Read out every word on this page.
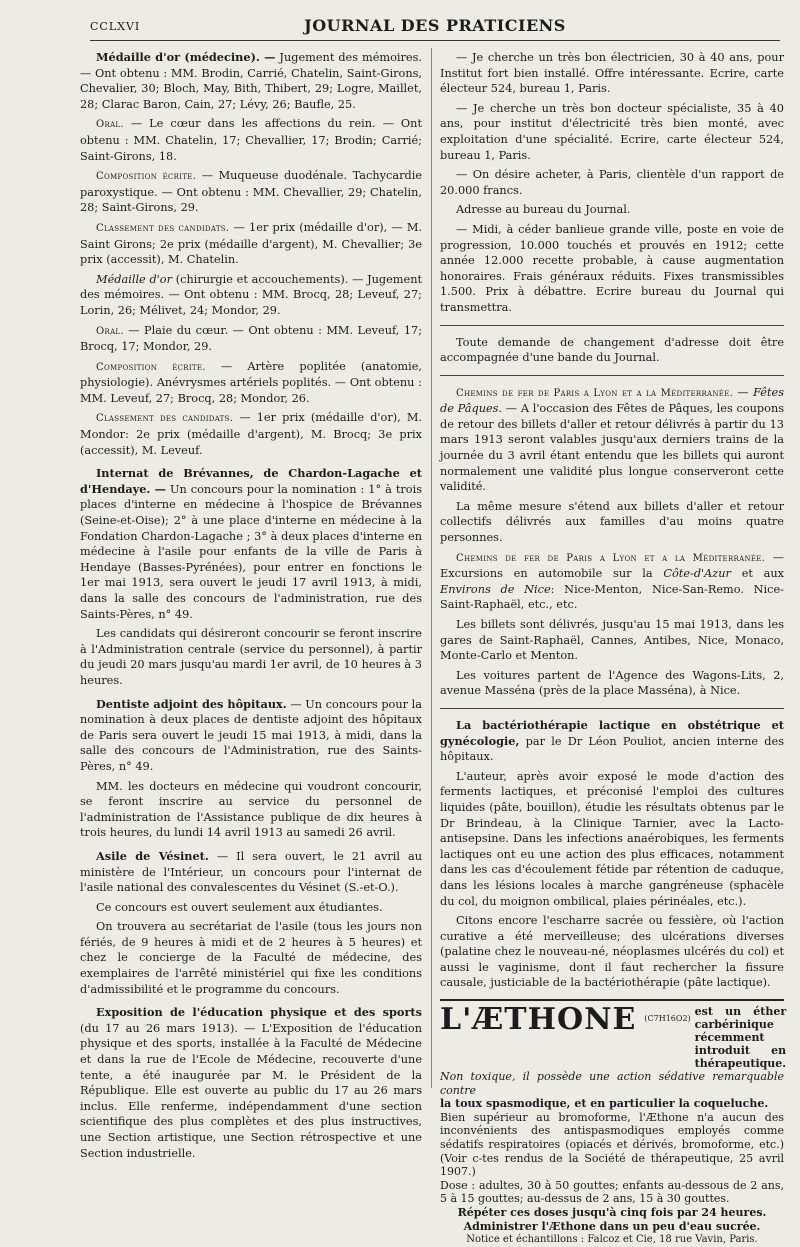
CCLXVI	JOURNAL DES PRATICIENS

Médaille d'or (médecine). — Jugement des mémoires. — Ont obtenu : MM. Brodin, Carrié, Chatelin, Saint-Girons, Chevalier, 30; Bloch, May, Bith, Thibert, 29; Logre, Maillet, 28; Clarac Baron, Cain, 27; Lévy, 26; Baufle, 25.

Oral. — Le cœur dans les affections du rein. — Ont obtenu : MM. Chatelin, 17; Chevallier, 17; Brodin; Carrié; Saint-Girons, 18.

Composition écrite. — Muqueuse duodénale. Tachycardie paroxystique. — Ont obtenu : MM. Chevallier, 29; Chatelin, 28; Saint-Girons, 29.

Classement des candidats. — 1er prix (médaille d'or), — M. Saint Girons; 2e prix (médaille d'argent), M. Chevallier; 3e prix (accessit), M. Chatelin.

Médaille d'or (chirurgie et accouchements). — Jugement des mémoires. — Ont obtenu : MM. Brocq, 28; Leveuf, 27; Lorin, 26; Mélivet, 24; Mondor, 29.

Oral. — Plaie du cœur. — Ont obtenu : MM. Leveuf, 17; Brocq, 17; Mondor, 29.

Composition écrite. — Artère poplitée (anatomie, physiologie). Anévrysmes artériels poplités. — Ont obtenu : MM. Leveuf, 27; Brocq, 28; Mondor, 26.

Classement des candidats. — 1er prix (médaille d'or), M. Mondor: 2e prix (médaille d'argent), M. Brocq; 3e prix (accessit), M. Leveuf.

Internat de Brévannes, de Chardon-Lagache et d'Hendaye. — Un concours pour la nomination : 1° à trois places d'interne en médecine à l'hospice de Brévannes (Seine-et-Oise); 2° à une place d'interne en médecine à la Fondation Chardon-Lagache ; 3° à deux places d'interne en médecine à l'asile pour enfants de la ville de Paris à Hendaye (Basses-Pyrénées), pour entrer en fonctions le 1er mai 1913, sera ouvert le jeudi 17 avril 1913, à midi, dans la salle des concours de l'administration, rue des Saints-Pères, n° 49.

Les candidats qui désireront concourir se feront inscrire à l'Administration centrale (service du personnel), à partir du jeudi 20 mars jusqu'au mardi 1er avril, de 10 heures à 3 heures.

Dentiste adjoint des hôpitaux. — Un concours pour la nomination à deux places de dentiste adjoint des hôpitaux de Paris sera ouvert le jeudi 15 mai 1913, à midi, dans la salle des concours de l'Administration, rue des Saints-Pères, n° 49.

MM. les docteurs en médecine qui voudront concourir, se feront inscrire au service du personnel de l'administration de l'Assistance publique de dix heures à trois heures, du lundi 14 avril 1913 au samedi 26 avril.

Asile de Vésinet. — Il sera ouvert, le 21 avril au ministère de l'Intérieur, un concours pour l'internat de l'asile national des convalescentes du Vésinet (S.-et-O.).

Ce concours est ouvert seulement aux étudiantes.

On trouvera au secrétariat de l'asile (tous les jours non fériés, de 9 heures à midi et de 2 heures à 5 heures) et chez le concierge de la Faculté de médecine, des exemplaires de l'arrêté ministériel qui fixe les conditions d'admissibilité et le programme du concours.

Exposition de l'éducation physique et des sports (du 17 au 26 mars 1913). — L'Exposition de l'éducation physique et des sports, installée à la Faculté de Médecine et dans la rue de l'Ecole de Médecine, recouverte d'une tente, a été inaugurée par M. le Président de la République. Elle est ouverte au public du 17 au 26 mars inclus. Elle renferme, indépendamment d'une section scientifique des plus complètes et des plus instructives, une Section artistique, une Section rétrospective et une Section industrielle.

— Je cherche un très bon électricien, 30 à 40 ans, pour Institut fort bien installé. Offre intéressante. Ecrire, carte électeur 524, bureau 1, Paris.

— Je cherche un très bon docteur spécialiste, 35 à 40 ans, pour institut d'électricité très bien monté, avec exploitation d'une spécialité. Ecrire, carte électeur 524, bureau 1, Paris.

— On désire acheter, à Paris, clientèle d'un rapport de 20.000 francs.

Adresse au bureau du Journal.

— Midi, à céder banlieue grande ville, poste en voie de progression, 10.000 touchés et prouvés en 1912; cette année 12.000 recette probable, à cause augmentation honoraires. Frais généraux réduits. Fixes transmissibles 1.500. Prix à débattre. Ecrire bureau du Journal qui transmettra.

Toute demande de changement d'adresse doit être accompagnée d'une bande du Journal.

Chemins de fer de Paris a Lyon et a la Méditerranée. — Fêtes de Pâques. — A l'occasion des Fêtes de Pâques, les coupons de retour des billets d'aller et retour délivrés à partir du 13 mars 1913 seront valables jusqu'aux derniers trains de la journée du 3 avril étant entendu que les billets qui auront normalement une validité plus longue conserveront cette validité.

La même mesure s'étend aux billets d'aller et retour collectifs délivrés aux familles d'au moins quatre personnes.

Chemins de fer de Paris a Lyon et a la Méditerranée. — Excursions en automobile sur la Côte-d'Azur et aux Environs de Nice: Nice-Menton, Nice-San-Remo. Nice-Saint-Raphaël, etc., etc.

Les billets sont délivrés, jusqu'au 15 mai 1913, dans les gares de Saint-Raphaël, Cannes, Antibes, Nice, Monaco, Monte-Carlo et Menton.

Les voitures partent de l'Agence des Wagons-Lits, 2, avenue Masséna (près de la place Masséna), à Nice.

La bactériothérapie lactique en obstétrique et gynécologie, par le Dr Léon Pouliot, ancien interne des hôpitaux.

L'auteur, après avoir exposé le mode d'action des ferments lactiques, et préconisé l'emploi des cultures liquides (pâte, bouillon), étudie les résultats obtenus par le Dr Brindeau, à la Clinique Tarnier, avec la Lacto-antisepsine. Dans les infections anaérobiques, les ferments lactiques ont eu une action des plus efficaces, notamment dans les cas d'écoulement fétide par rétention de caduque, dans les lésions locales à marche gangréneuse (sphacèle du col, du moignon ombilical, plaies périnéales, etc.).

Citons encore l'escharre sacrée ou fessière, où l'action curative a été merveilleuse; des ulcérations diverses (palatine chez le nouveau-né, néoplasmes ulcérés du col) et aussi le vaginisme, dont il faut rechercher la fissure causale, justiciable de la bactériothérapie (pâte lactique).

L'ÆTHONE (C7H16O2)
est un éther carbérinique récemment introduit en thérapeutique.

Non toxique, il possède une action sédative remarquable contre

la toux spasmodique, et en particulier la coqueluche.

Bien supérieur au bromoforme, l'Æthone n'a aucun des inconvénients des antispasmodiques employés comme sédatifs respiratoires (opiacés et dérivés, bromoforme, etc.) (Voir c-tes rendus de la Société de thérapeutique, 25 avril 1907.)

Dose : adultes, 30 à 50 gouttes; enfants au-dessous de 2 ans, 5 à 15 gouttes; au-dessus de 2 ans, 15 à 30 gouttes.

Répéter ces doses jusqu'à cinq fois par 24 heures.

Administrer l'Æthone dans un peu d'eau sucrée.

Notice et échantillons : Falcoz et Cie, 18 rue Vavin, Paris.
